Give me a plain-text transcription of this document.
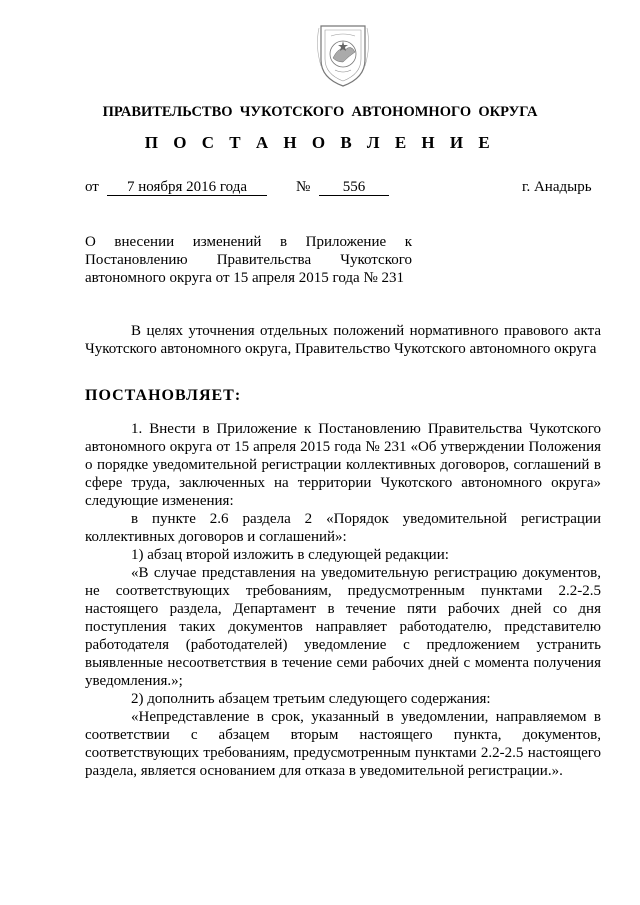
ПРАВИТЕЛЬСТВО  ЧУКОТСКОГО  АВТОНОМНОГО  ОКРУГА
П О С Т А Н О В Л Е Н И Е
от	7 ноября 2016 года	№	556	г. Анадырь
О внесении изменений в Приложение к
Постановлению Правительства Чукотского
автономного округа от 15 апреля 2015 года № 231
В целях уточнения отдельных положений нормативного правового акта Чукотского автономного округа, Правительство Чукотского автономного округа
ПОСТАНОВЛЯЕТ:

1. Внести в Приложение к Постановлению Правительства Чукотского автономного округа от 15 апреля 2015 года № 231 «Об утверждении Положения о порядке уведомительной регистрации коллективных договоров, соглашений в сфере труда, заключенных на территории Чукотского автономного округа» следующие изменения:

в пункте 2.6 раздела 2 «Порядок уведомительной регистрации коллективных договоров и соглашений»:

1) абзац второй изложить в следующей редакции:

«В случае представления на уведомительную регистрацию документов, не соответствующих требованиям, предусмотренным пунктами 2.2-2.5 настоящего раздела, Департамент в течение пяти рабочих дней со дня поступления таких документов направляет работодателю, представителю работодателя (работодателей) уведомление с предложением устранить выявленные несоответствия в течение семи рабочих дней с момента получения уведомления.»;

2) дополнить абзацем третьим следующего содержания:

«Непредставление в срок, указанный в уведомлении, направляемом в соответствии с абзацем вторым настоящего пункта, документов, соответствующих требованиям, предусмотренным пунктами 2.2-2.5 настоящего раздела, является основанием для отказа в уведомительной регистрации.».
